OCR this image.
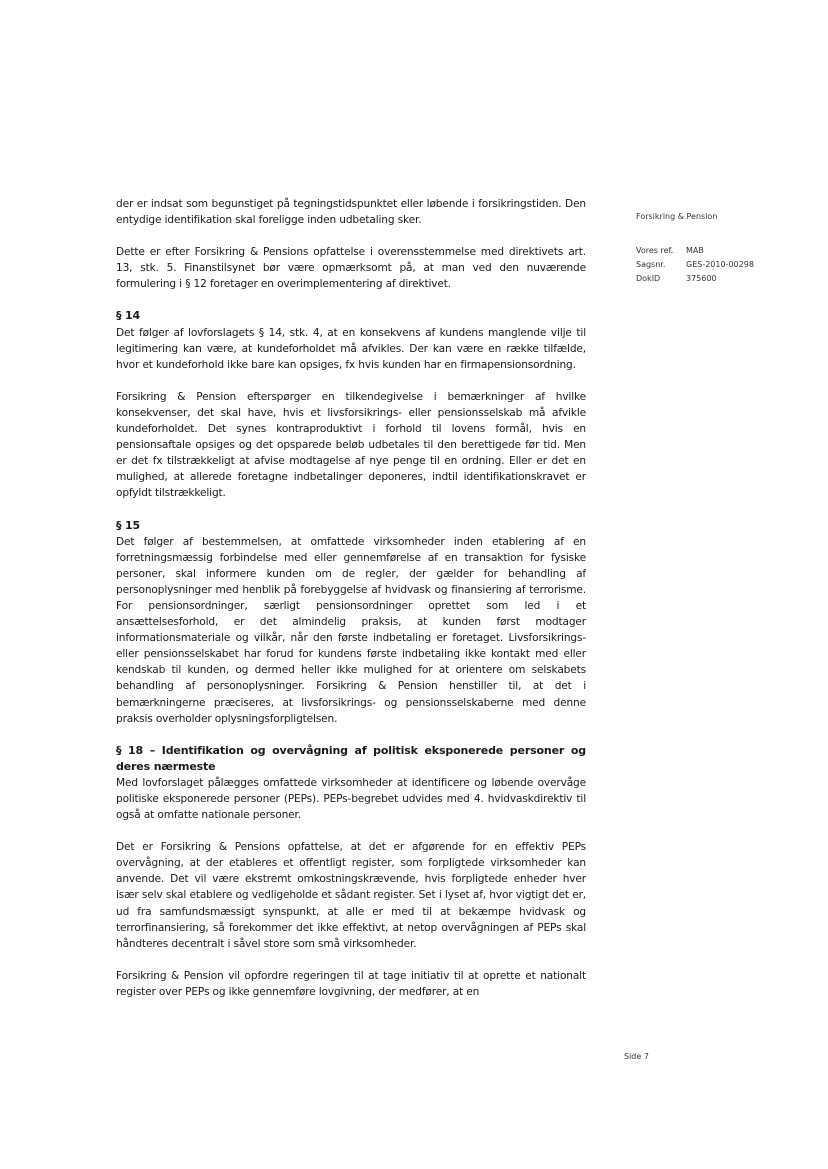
der er indsat som begunstiget på tegningstidspunktet eller løbende i forsikringstiden. Den entydige identifikation skal foreligge inden udbetaling sker.

Dette er efter Forsikring & Pensions opfattelse i overensstemmelse med direktivets art. 13, stk. 5. Finanstilsynet bør være opmærksomt på, at man ved den nuværende formulering i § 12 foretager en overimplementering af direktivet.

§ 14

Det følger af lovforslagets § 14, stk. 4, at en konsekvens af kundens manglende vilje til legitimering kan være, at kundeforholdet må afvikles. Der kan være en række tilfælde, hvor et kundeforhold ikke bare kan opsiges, fx hvis kunden har en firmapensionsordning.

Forsikring & Pension efterspørger en tilkendegivelse i bemærkninger af hvilke konsekvenser, det skal have, hvis et livsforsikrings- eller pensionsselskab må afvikle kundeforholdet. Det synes kontraproduktivt i forhold til lovens formål, hvis en pensionsaftale opsiges og det opsparede beløb udbetales til den berettigede før tid. Men er det fx tilstrækkeligt at afvise modtagelse af nye penge til en ordning. Eller er det en mulighed, at allerede foretagne indbetalinger deponeres, indtil identifikationskravet er opfyldt tilstrækkeligt.

§ 15

Det følger af bestemmelsen, at omfattede virksomheder inden etablering af en forretningsmæssig forbindelse med eller gennemførelse af en transaktion for fysiske personer, skal informere kunden om de regler, der gælder for behandling af personoplysninger med henblik på forebyggelse af hvidvask og finansiering af terrorisme. For pensionsordninger, særligt pensionsordninger oprettet som led i et ansættelsesforhold, er det almindelig praksis, at kunden først modtager informationsmateriale og vilkår, når den første indbetaling er foretaget. Livsforsikrings- eller pensionsselskabet har forud for kundens første indbetaling ikke kontakt med eller kendskab til kunden, og dermed heller ikke mulighed for at orientere om selskabets behandling af personoplysninger. Forsikring & Pension henstiller til, at det i bemærkningerne præciseres, at livsforsikrings- og pensionsselskaberne med denne praksis overholder oplysningsforpligtelsen.

§ 18 – Identifikation og overvågning af politisk eksponerede personer og deres nærmeste

Med lovforslaget pålægges omfattede virksomheder at identificere og løbende overvåge politiske eksponerede personer (PEPs). PEPs-begrebet udvides med 4. hvidvaskdirektiv til også at omfatte nationale personer.

Det er Forsikring & Pensions opfattelse, at det er afgørende for en effektiv PEPs overvågning, at der etableres et offentligt register, som forpligtede virksomheder kan anvende. Det vil være ekstremt omkostningskrævende, hvis forpligtede enheder hver især selv skal etablere og vedligeholde et sådant register. Set i lyset af, hvor vigtigt det er, ud fra samfundsmæssigt synspunkt, at alle er med til at bekæmpe hvidvask og terrorfinansiering, så forekommer det ikke effektivt, at netop overvågningen af PEPs skal håndteres decentralt i såvel store som små virksomheder.

Forsikring & Pension vil opfordre regeringen til at tage initiativ til at oprette et nationalt register over PEPs og ikke gennemføre lovgivning, der medfører, at en

Forsikring & Pension
Vores ref.	MAB
Sagsnr.	GES-2010-00298
DokID	375600
Side 7
